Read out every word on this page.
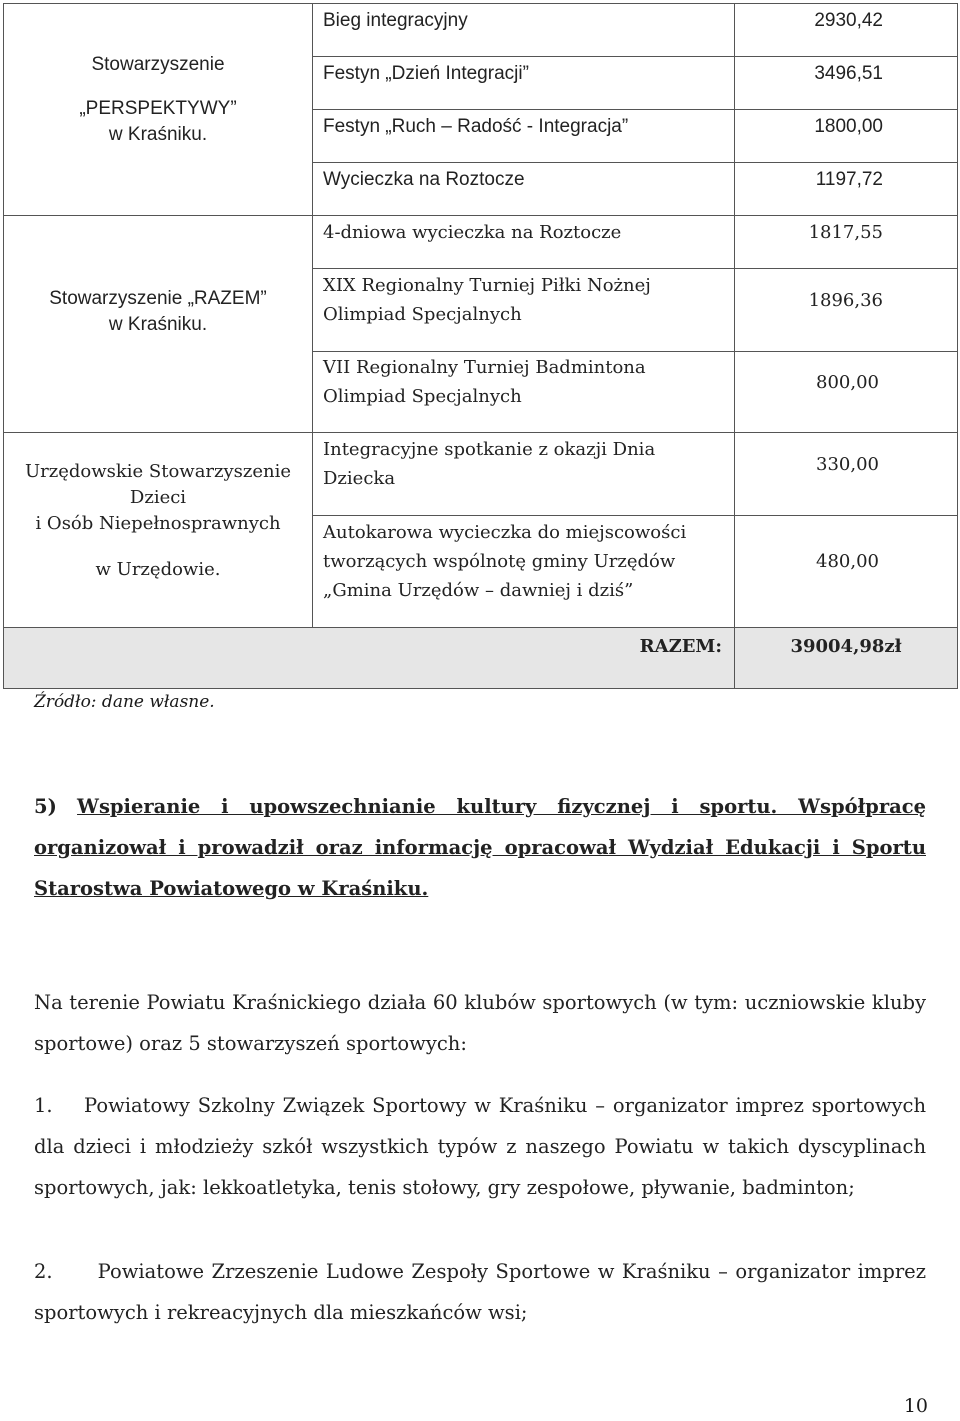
Stowarzyszenie
„PERSPEKTYWY”
w Kraśniku.
Stowarzyszenie „RAZEM”
w Kraśniku.
Urzędowskie Stowarzyszenie
Dzieci
i Osób Niepełnosprawnych
w Urzędowie.
Bieg integracyjny
Festyn „Dzień Integracji”
Festyn „Ruch – Radość - Integracja”
Wycieczka na Roztocze
4-dniowa wycieczka na Roztocze
XIX Regionalny Turniej Piłki Nożnej
Olimpiad Specjalnych
VII Regionalny Turniej Badmintona
Olimpiad Specjalnych
Integracyjne spotkanie z okazji Dnia
Dziecka
Autokarowa wycieczka do miejscowości
tworzących wspólnotę gminy Urzędów
„Gmina Urzędów – dawniej i dziś”
2930,42
3496,51
1800,00
1197,72
1817,55
1896,36
800,00
330,00
480,00
RAZEM:	39004,98zł
Źródło: dane własne.
5) Wspieranie i upowszechnianie kultury fizycznej i sportu. Współpracę organizował i prowadził oraz informację opracował Wydział Edukacji i Sportu Starostwa Powiatowego w Kraśniku.
Na terenie Powiatu Kraśnickiego działa 60 klubów sportowych (w tym: uczniowskie kluby sportowe) oraz 5 stowarzyszeń sportowych:
1. Powiatowy Szkolny Związek Sportowy w Kraśniku – organizator imprez sportowych dla dzieci i młodzieży szkół wszystkich typów z naszego Powiatu w takich dyscyplinach sportowych, jak: lekkoatletyka, tenis stołowy, gry zespołowe, pływanie, badminton;
2. Powiatowe Zrzeszenie Ludowe Zespoły Sportowe w Kraśniku – organizator imprez sportowych i rekreacyjnych dla mieszkańców wsi;
10
